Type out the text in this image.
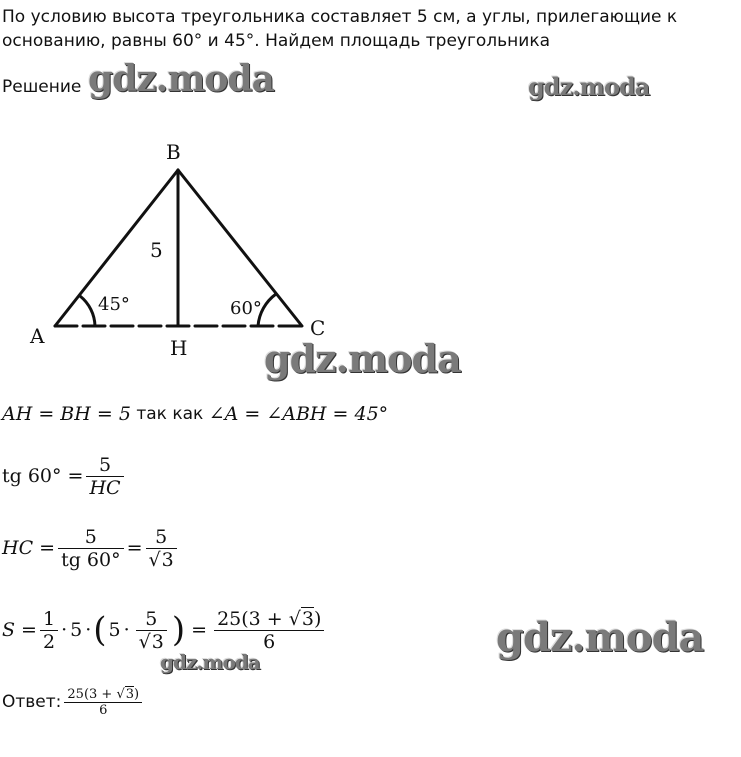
По условию высота треугольника составляет 5 см, а углы, прилегающие к
основанию, равны 60° и 45°. Найдем площадь треугольника
Решение gdz.moda	gdz.moda
gdz.moda
gdz.moda
gdz.moda
B
A	C
H
5
45°	60°
AH = BH = 5 так как ∠A = ∠ABH = 45°
tg $60^\circ = \frac{5}{HC}$
HC = $\frac{5}{tg 60^\circ} = \frac{5}{√3}$
$S = \frac{1}{2} \cdot 5$ · ( $5 \cdot \frac{5}{√3}$ ) = $\frac{25(3 + √3)}{6}$
Ответ: $\frac{25(3 + √3)}{6}$
